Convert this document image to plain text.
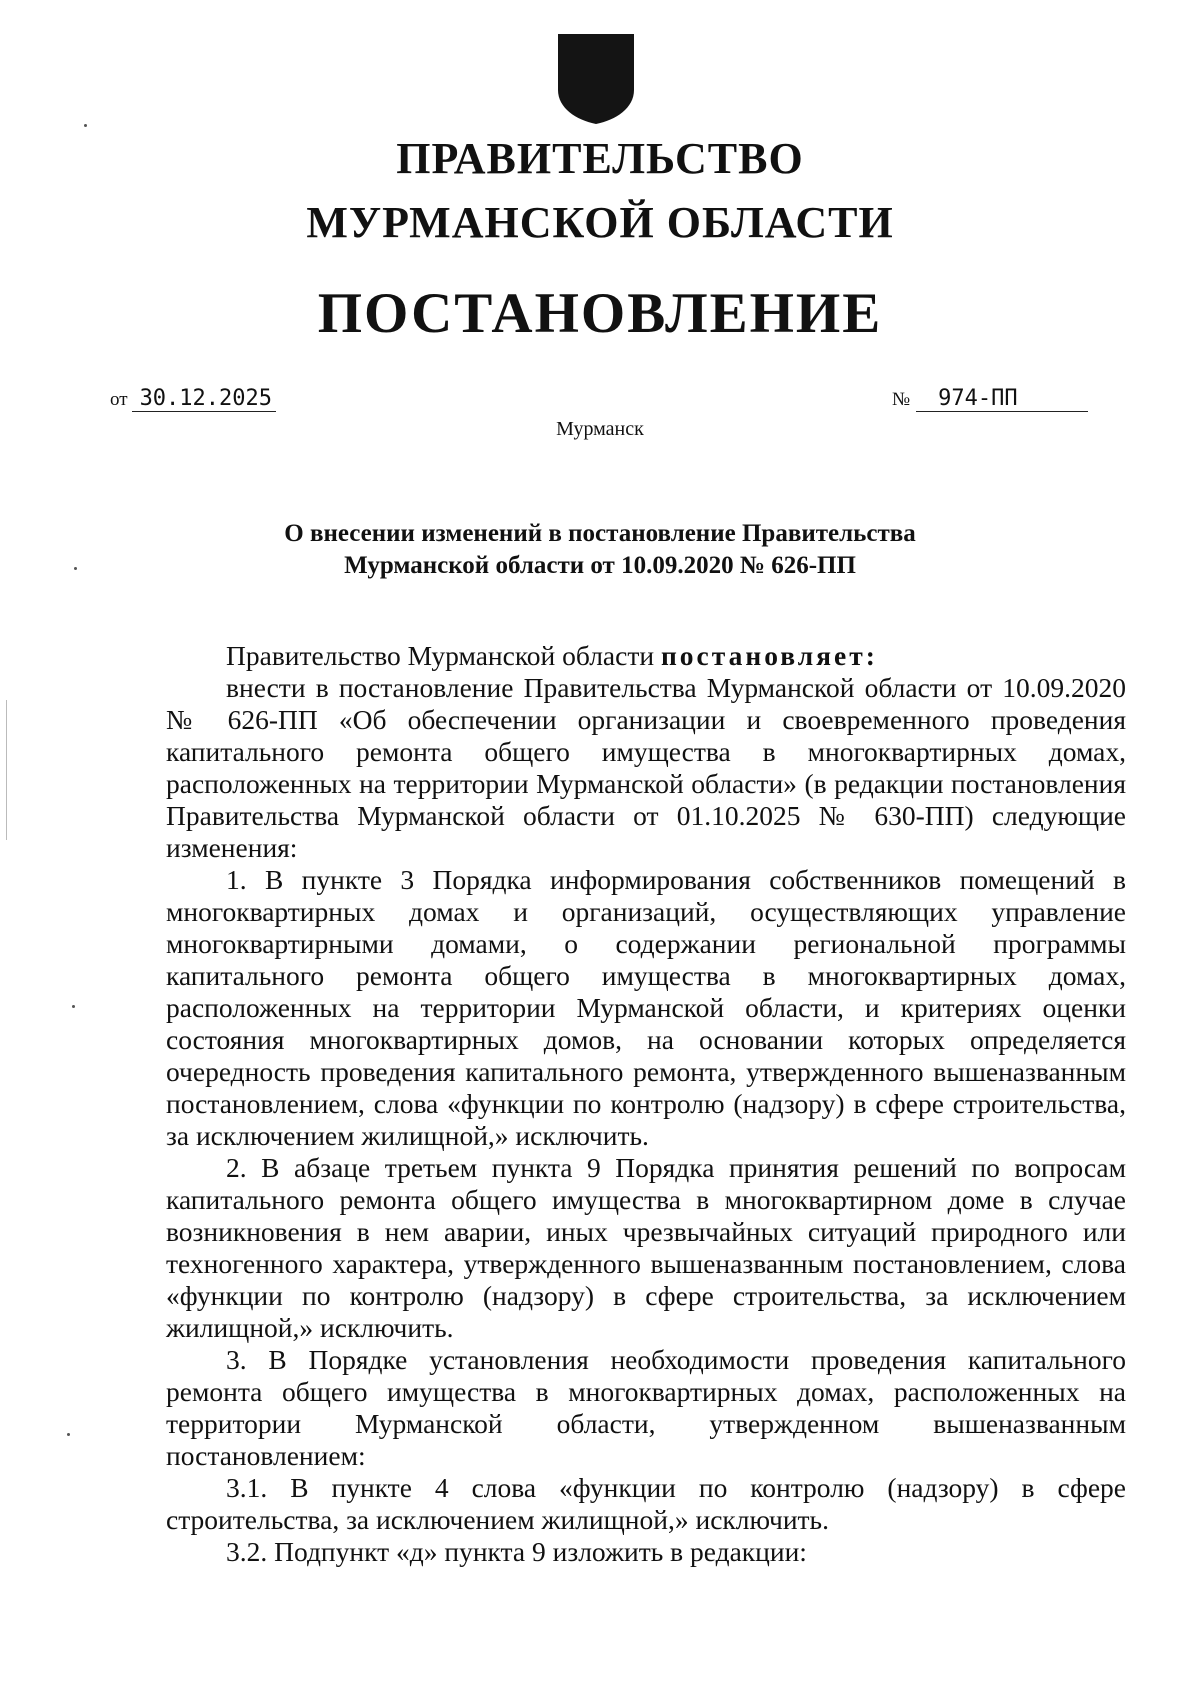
ПРАВИТЕЛЬСТВО
МУРМАНСКОЙ ОБЛАСТИ
ПОСТАНОВЛЕНИЕ
от 30.12.2025	№ 974-ПП
Мурманск
О внесении изменений в постановление Правительства
Мурманской области от 10.09.2020 № 626-ПП

Правительство Мурманской области постановляет:

внести в постановление Правительства Мурманской области от 10.09.2020 № 626-ПП «Об обеспечении организации и своевременного проведения капитального ремонта общего имущества в многоквартирных домах, расположенных на территории Мурманской области» (в редакции постановления Правительства Мурманской области от 01.10.2025 № 630-ПП) следующие изменения:

1. В пункте 3 Порядка информирования собственников помещений в многоквартирных домах и организаций, осуществляющих управление многоквартирными домами, о содержании региональной программы капитального ремонта общего имущества в многоквартирных домах, расположенных на территории Мурманской области, и критериях оценки состояния многоквартирных домов, на основании которых определяется очередность проведения капитального ремонта, утвержденного вышеназванным постановлением, слова «функции по контролю (надзору) в сфере строительства, за исключением жилищной,» исключить.

2. В абзаце третьем пункта 9 Порядка принятия решений по вопросам капитального ремонта общего имущества в многоквартирном доме в случае возникновения в нем аварии, иных чрезвычайных ситуаций природного или техногенного характера, утвержденного вышеназванным постановлением, слова «функции по контролю (надзору) в сфере строительства, за исключением жилищной,» исключить.

3. В Порядке установления необходимости проведения капитального ремонта общего имущества в многоквартирных домах, расположенных на территории Мурманской области, утвержденном вышеназванным постановлением:

3.1. В пункте 4 слова «функции по контролю (надзору) в сфере строительства, за исключением жилищной,» исключить.

3.2. Подпункт «д» пункта 9 изложить в редакции:
